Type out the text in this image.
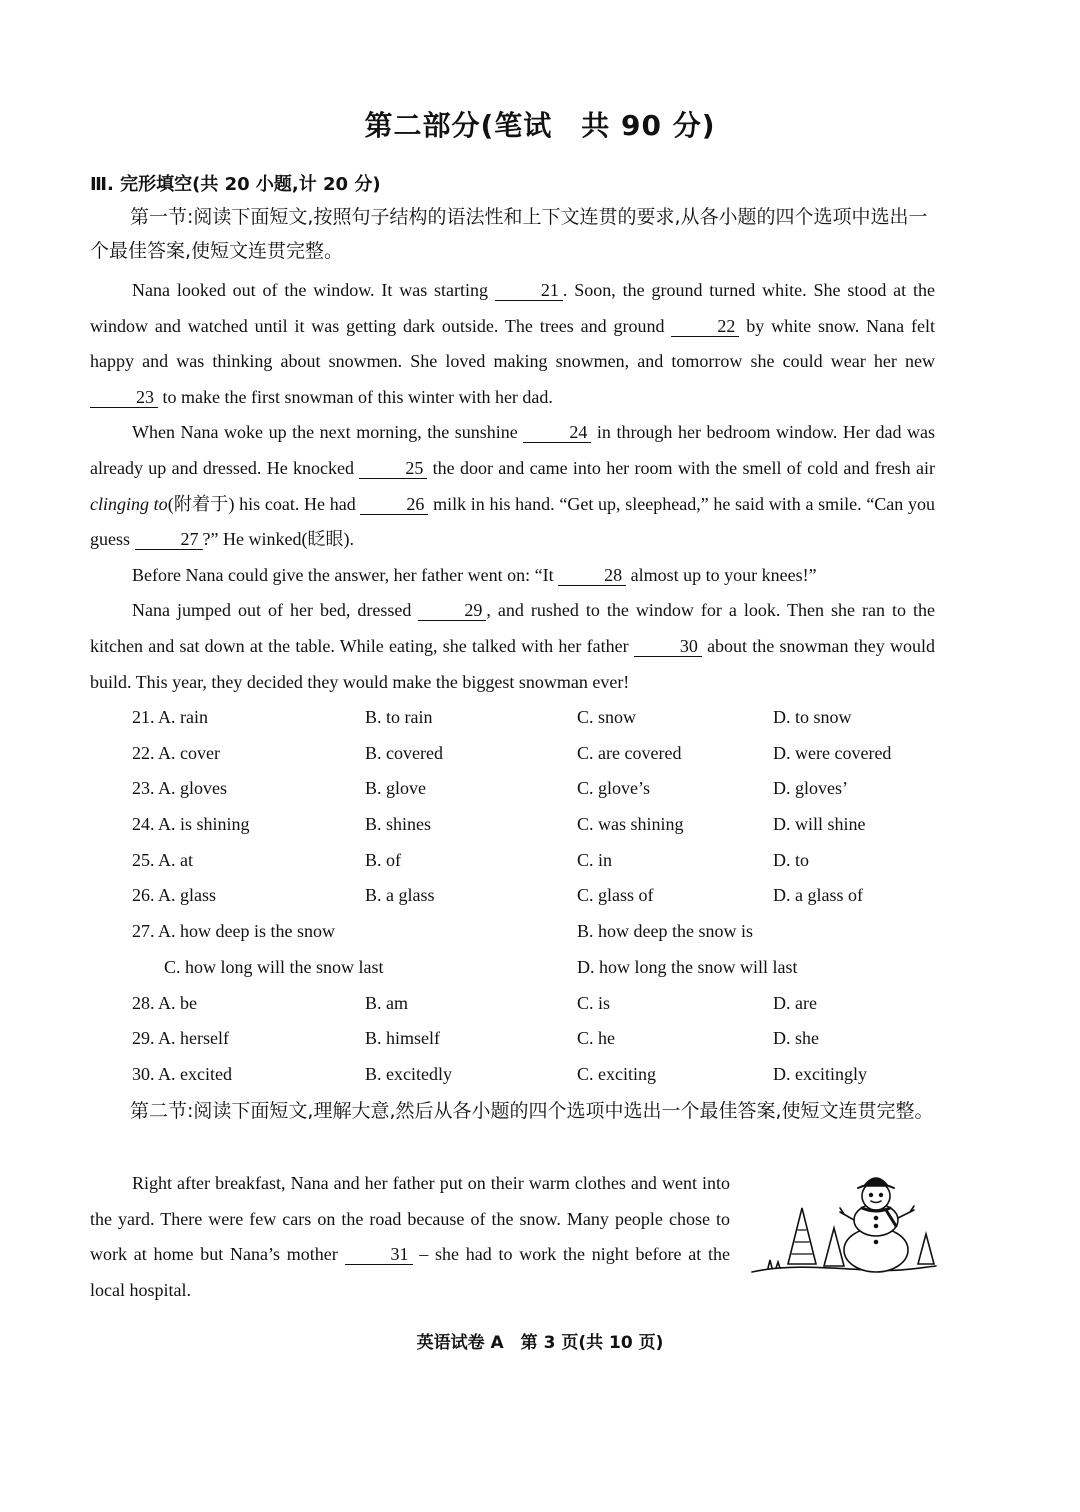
第二部分(笔试　共 90 分)
Ⅲ. 完形填空(共 20 小题,计 20 分)
第一节:阅读下面短文,按照句子结构的语法性和上下文连贯的要求,从各小题的四个选项中选出一个最佳答案,使短文连贯完整。

Nana looked out of the window. It was starting	21 . Soon, the ground turned white. She stood at the window and watched until it was getting dark outside. The trees and ground	22 by white snow. Nana felt happy and was thinking about snowmen. She loved making snowmen, and tomorrow she could wear her new 23 to make the first snowman of this winter with her dad.

When Nana woke up the next morning, the sunshine	24 in through her bedroom window. Her dad was already up and dressed. He knocked	25 the door and came into her room with the smell of cold and fresh air clinging to(附着于) his coat. He had	26 milk in his hand. “Get up, sleephead,” he said with a smile. “Can you guess	27 ?” He winked(眨眼).

Before Nana could give the answer, her father went on: “It	28 almost up to your knees!”

Nana jumped out of her bed, dressed	29 , and rushed to the window for a look. Then she ran to the kitchen and sat down at the table. While eating, she talked with her father	30 about the snowman they would build. This year, they decided they would make the biggest snowman ever!

21. A. rain	B. to rain	C. snow	D. to snow
22. A. cover	B. covered	C. are covered	D. were covered
23. A. gloves	B. glove	C. glove’s	D. gloves’
24. A. is shining	B. shines	C. was shining	D. will shine
25. A. at	B. of	C. in	D. to
26. A. glass	B. a glass	C. glass of	D. a glass of
27. A. how deep is the snow	B. how deep the snow is
C. how long will the snow last	D. how long the snow will last
28. A. be	B. am	C. is	D. are
29. A. herself	B. himself	C. he	D. she
30. A. excited	B. excitedly	C. exciting	D. excitingly
第二节:阅读下面短文,理解大意,然后从各小题的四个选项中选出一个最佳答案,使短文连贯完整。

Right after breakfast, Nana and her father put on their warm clothes and went into the yard. There were few cars on the road because of the snow. Many people chose to work at home but Nana’s mother	31 – she had to work the night before at the local hospital.

英语试卷 A　第 3 页(共 10 页)
